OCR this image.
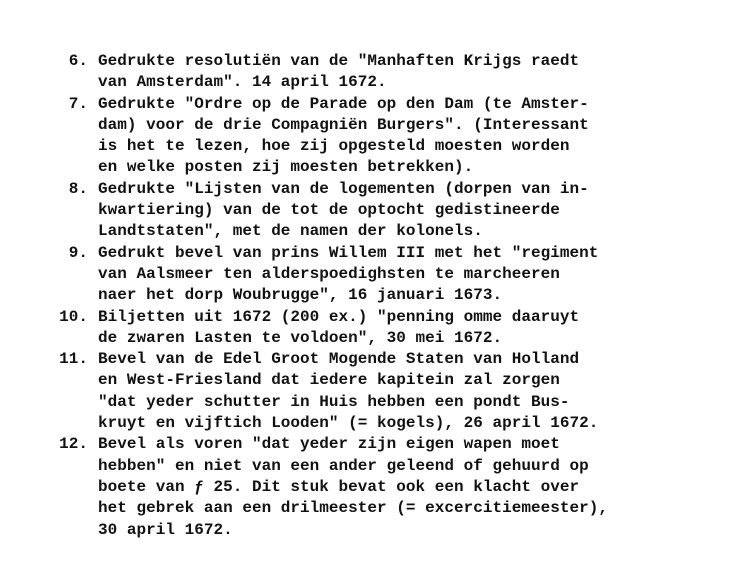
6. Gedrukte resolutiën van de "Manhaften Krijgs raedt
van Amsterdam". 14 april 1672.
7. Gedrukte "Ordre op de Parade op den Dam (te Amster-
dam) voor de drie Compagniën Burgers". (Interessant
is het te lezen, hoe zij opgesteld moesten worden
en welke posten zij moesten betrekken).
8. Gedrukte "Lijsten van de logementen (dorpen van in-
kwartiering) van de tot de optocht gedistineerde
Landtstaten", met de namen der kolonels.
9. Gedrukt bevel van prins Willem III met het "regiment
van Aalsmeer ten alderspoedighsten te marcheeren
naer het dorp Woubrugge", 16 januari 1673.
10. Biljetten uit 1672 (200 ex.) "penning omme daaruyt
de zwaren Lasten te voldoen", 30 mei 1672.
11. Bevel van de Edel Groot Mogende Staten van Holland
en West-Friesland dat iedere kapitein zal zorgen
"dat yeder schutter in Huis hebben een pondt Bus-
kruyt en vijftich Looden" (= kogels), 26 april 1672.
12. Bevel als voren "dat yeder zijn eigen wapen moet
hebben" en niet van een ander geleend of gehuurd op
boete van ƒ 25. Dit stuk bevat ook een klacht over
het gebrek aan een drilmeester (= excercitiemeester),
30 april 1672.
